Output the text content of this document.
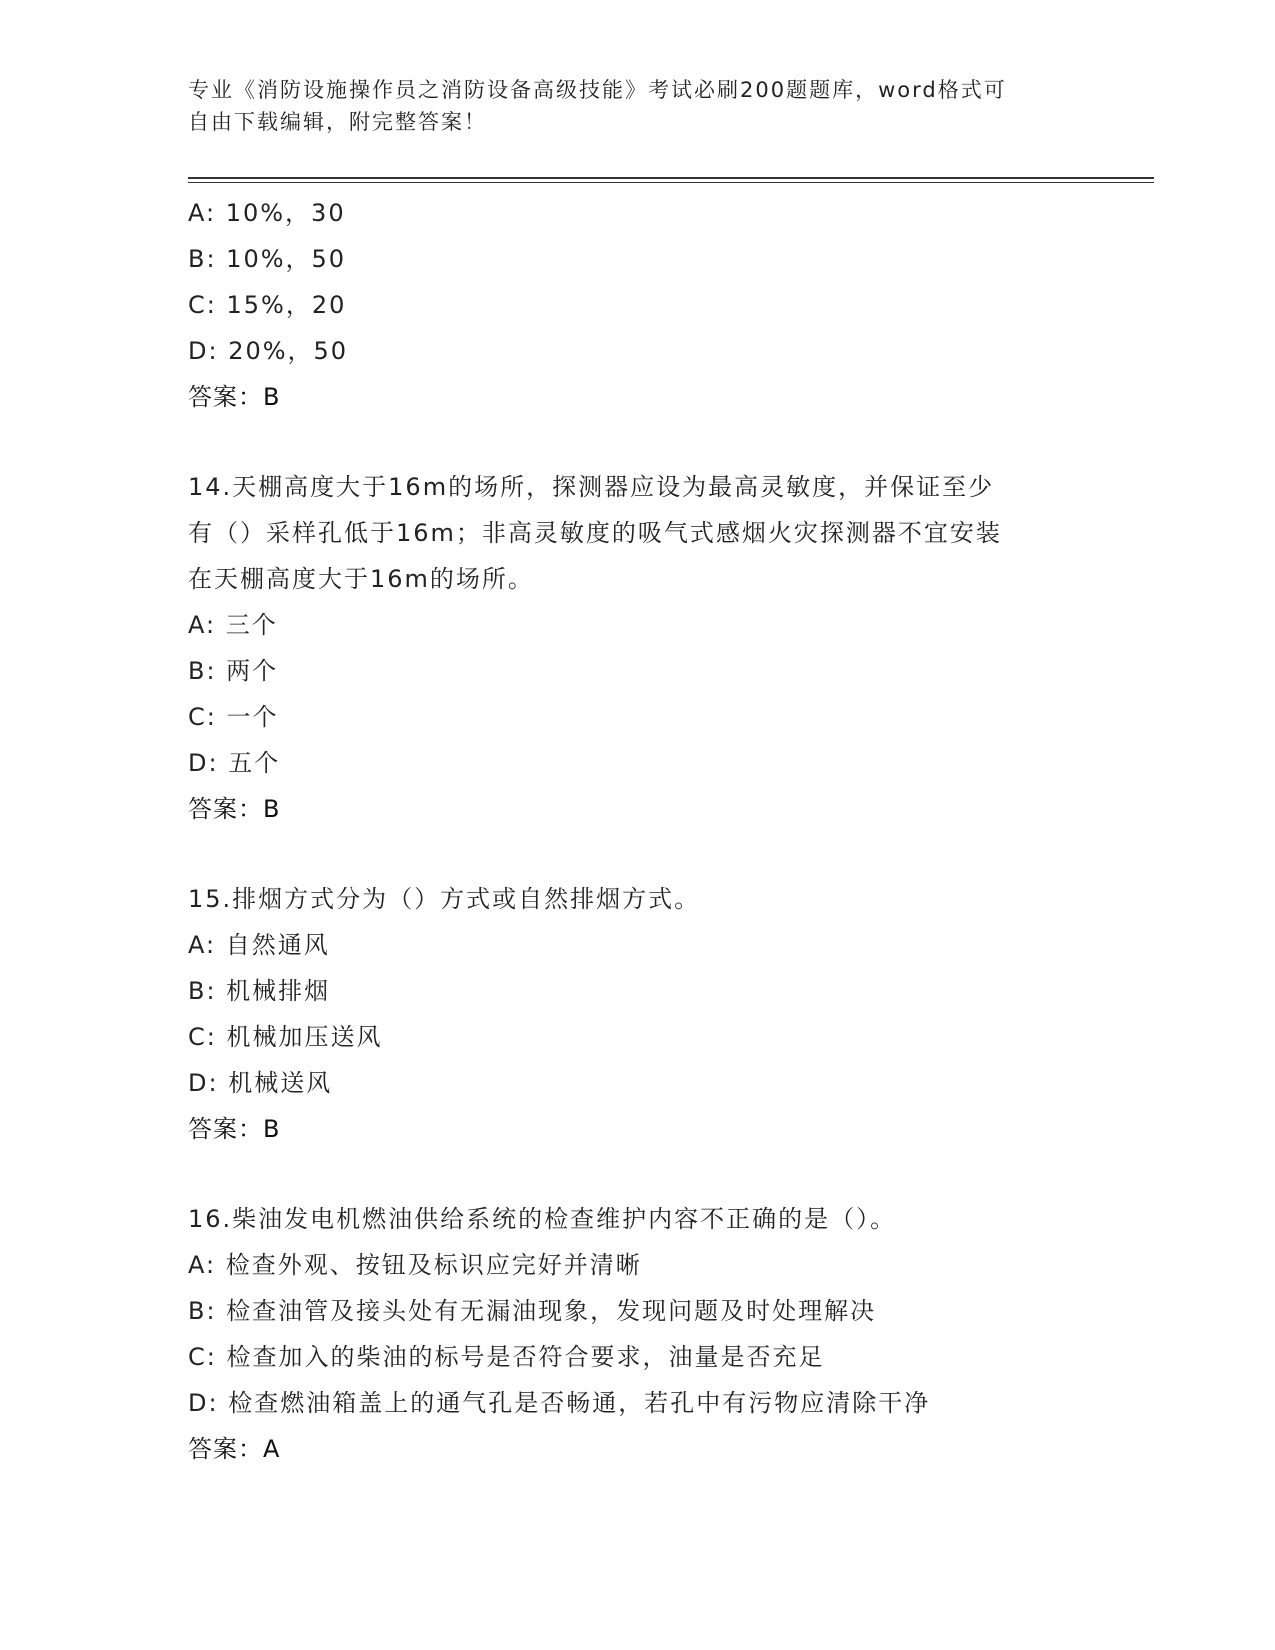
专业《消防设施操作员之消防设备高级技能》考试必刷200题题库，word格式可
自由下载编辑，附完整答案！
A: 10%，30
B: 10%，50
C: 15%，20
D: 20%，50
答案：B
14.天棚高度大于16m的场所，探测器应设为最高灵敏度，并保证至少
有（）采样孔低于16m；非高灵敏度的吸气式感烟火灾探测器不宜安装
在天棚高度大于16m的场所。
A: 三个
B: 两个
C: 一个
D: 五个
答案：B
15.排烟方式分为（）方式或自然排烟方式。
A: 自然通风
B: 机械排烟
C: 机械加压送风
D: 机械送风
答案：B
16.柴油发电机燃油供给系统的检查维护内容不正确的是（）。
A: 检查外观、按钮及标识应完好并清晰
B: 检查油管及接头处有无漏油现象，发现问题及时处理解决
C: 检查加入的柴油的标号是否符合要求，油量是否充足
D: 检查燃油箱盖上的通气孔是否畅通，若孔中有污物应清除干净
答案：A
